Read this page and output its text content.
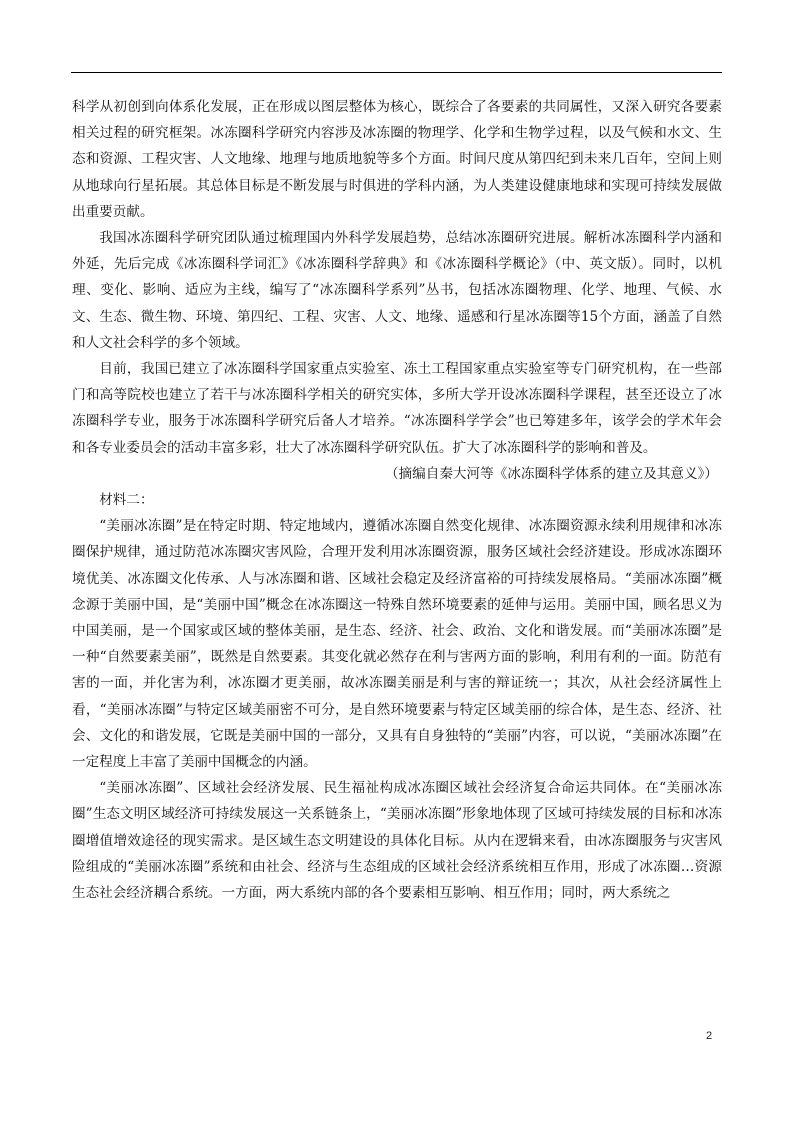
科学从初创到向体系化发展，正在形成以图层整体为核心，既综合了各要素的共同属性，又深入研究各要素相关过程的研究框架。冰冻圈科学研究内容涉及冰冻圈的物理学、化学和生物学过程，以及气候和水文、生态和资源、工程灾害、人文地缘、地理与地质地貌等多个方面。时间尺度从第四纪到未来几百年，空间上则从地球向行星拓展。其总体目标是不断发展与时俱进的学科内涵，为人类建设健康地球和实现可持续发展做出重要贡献。

我国冰冻圈科学研究团队通过梳理国内外科学发展趋势，总结冰冻圈研究进展。解析冰冻圈科学内涵和外延，先后完成《冰冻圈科学词汇》《冰冻圈科学辞典》和《冰冻圈科学概论》（中、英文版）。同时，以机理、变化、影响、适应为主线，编写了“冰冻圈科学系列”丛书，包括冰冻圈物理、化学、地理、气候、水文、生态、微生物、环境、第四纪、工程、灾害、人文、地缘、遥感和行星冰冻圈等15个方面，涵盖了自然和人文社会科学的多个领域。

目前，我国已建立了冰冻圈科学国家重点实验室、冻土工程国家重点实验室等专门研究机构，在一些部门和高等院校也建立了若干与冰冻圈科学相关的研究实体，多所大学开设冰冻圈科学课程，甚至还设立了冰冻圈科学专业，服务于冰冻圈科学研究后备人才培养。“冰冻圈科学学会”也已筹建多年，该学会的学术年会和各专业委员会的活动丰富多彩，壮大了冰冻圈科学研究队伍。扩大了冰冻圈科学的影响和普及。

（摘编自秦大河等《冰冻圈科学体系的建立及其意义》）

材料二：

“美丽冰冻圈”是在特定时期、特定地域内，遵循冰冻圈自然变化规律、冰冻圈资源永续利用规律和冰冻圈保护规律，通过防范冰冻圈灾害风险，合理开发利用冰冻圈资源，服务区域社会经济建设。形成冰冻圈环境优美、冰冻圈文化传承、人与冰冻圈和谐、区域社会稳定及经济富裕的可持续发展格局。“美丽冰冻圈”概念源于美丽中国，是“美丽中国”概念在冰冻圈这一特殊自然环境要素的延伸与运用。美丽中国，顾名思义为中国美丽，是一个国家或区域的整体美丽，是生态、经济、社会、政治、文化和谐发展。而“美丽冰冻圈”是一种“自然要素美丽”，既然是自然要素。其变化就必然存在利与害两方面的影响，利用有利的一面。防范有害的一面，并化害为利，冰冻圈才更美丽，故冰冻圈美丽是利与害的辩证统一；其次，从社会经济属性上看，“美丽冰冻圈”与特定区域美丽密不可分，是自然环境要素与特定区域美丽的综合体，是生态、经济、社会、文化的和谐发展，它既是美丽中国的一部分，又具有自身独特的“美丽”内容，可以说，“美丽冰冻圈”在一定程度上丰富了美丽中国概念的内涵。

“美丽冰冻圈”、区域社会经济发展、民生福祉构成冰冻圈区域社会经济复合命运共同体。在“美丽冰冻圈”生态文明区域经济可持续发展这一关系链条上，“美丽冰冻圈”形象地体现了区域可持续发展的目标和冰冻圈增值增效途径的现实需求。是区域生态文明建设的具体化目标。从内在逻辑来看，由冰冻圈服务与灾害风险组成的“美丽冰冻圈”系统和由社会、经济与生态组成的区域社会经济系统相互作用，形成了冰冻圈…资源生态社会经济耦合系统。一方面，两大系统内部的各个要素相互影响、相互作用；同时，两大系统之

2
